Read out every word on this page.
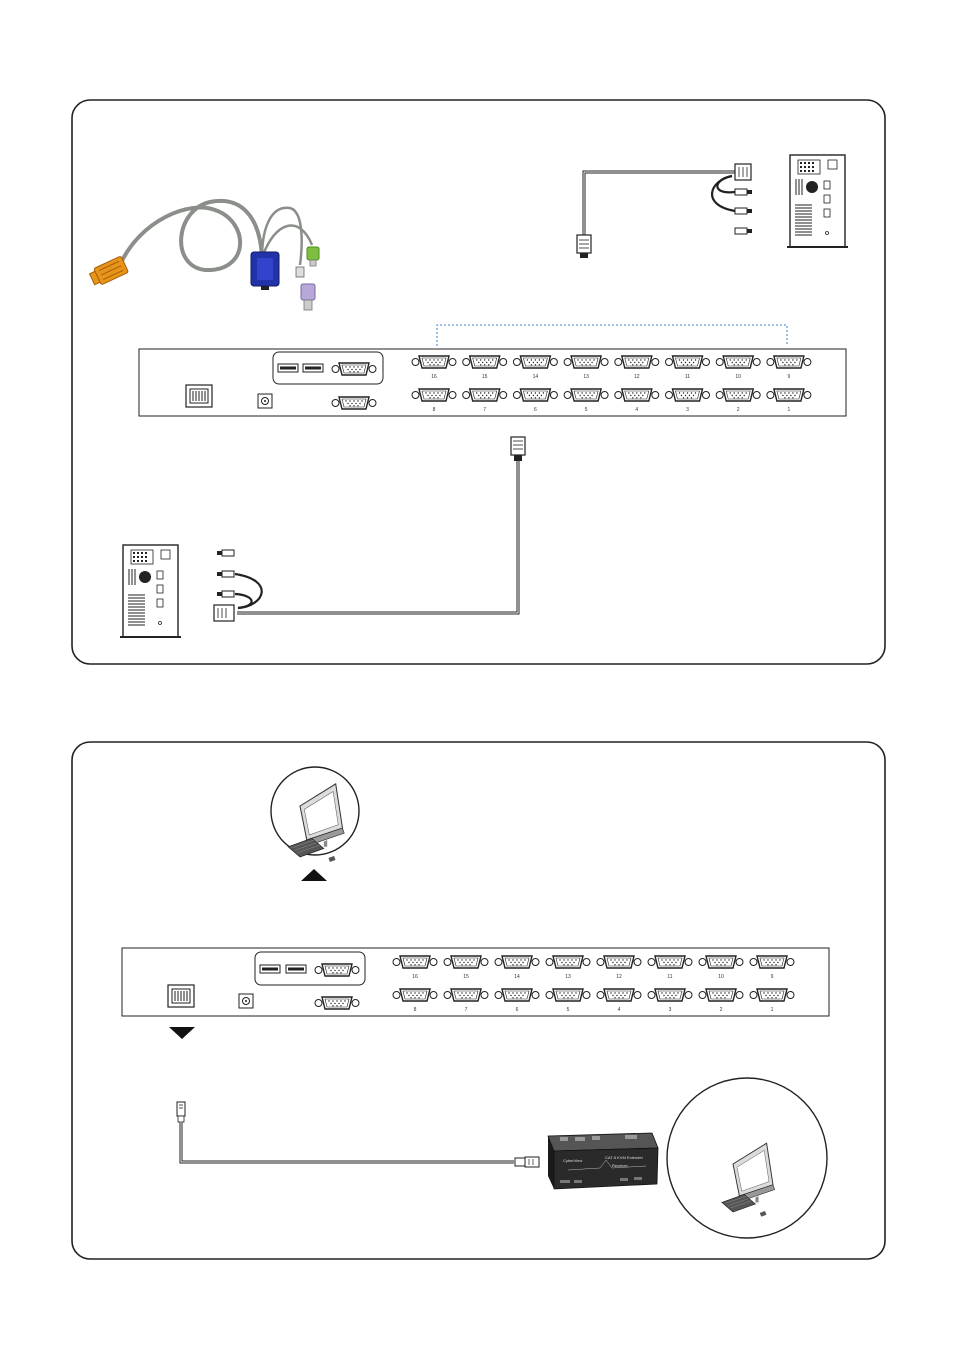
16	15	14	13	12	11	10	9
8	7	6	5	4	3	2	1
16	15	14	13	12	11	10	9
8	7	6	5	4	3	2	1
CyberView
CAT-5 KVM Extender
Receiver
